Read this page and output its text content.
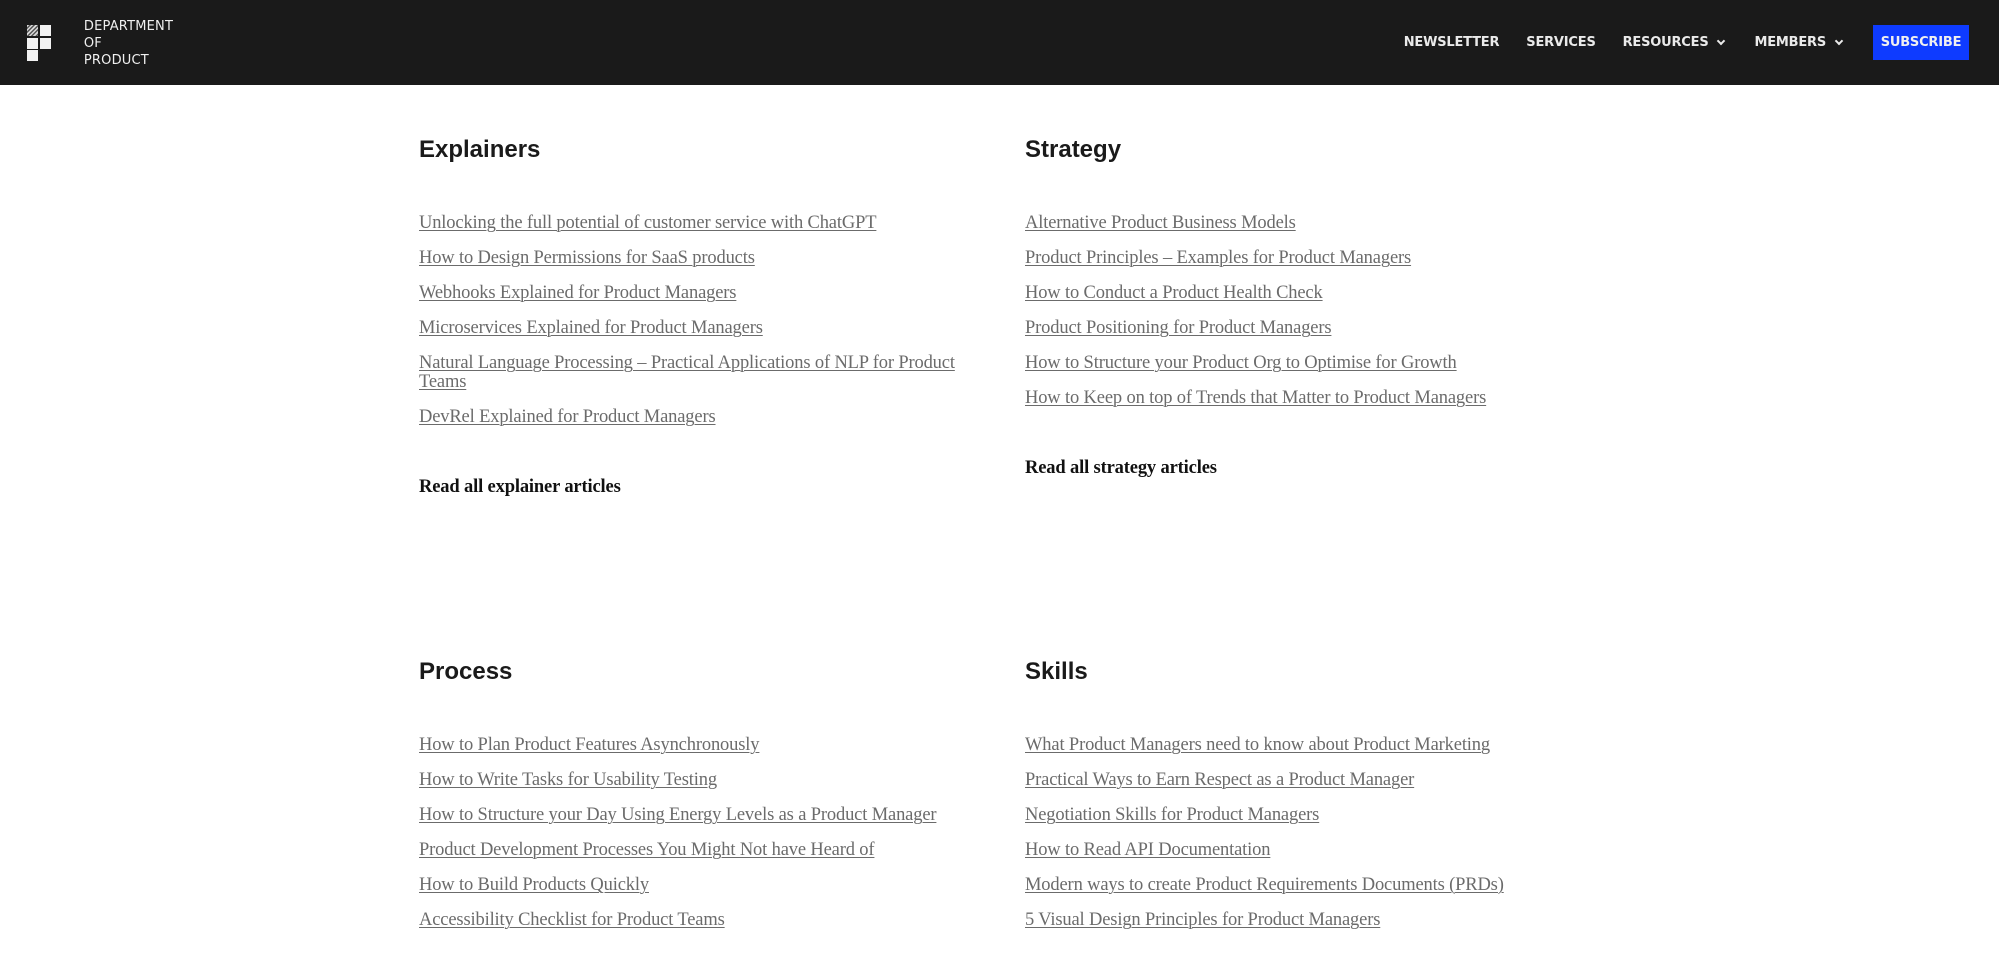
DEPARTMENT OF
PRODUCT
NEWSLETTER SERVICES RESOURCES	MEMBERS	SUBSCRIBE
Explainers
Unlocking the full potential of customer service with ChatGPT
How to Design Permissions for SaaS products
Webhooks Explained for Product Managers
Microservices Explained for Product Managers
Natural Language Processing – Practical Applications of NLP for Product Teams
DevRel Explained for Product Managers
Read all explainer articles
Strategy
Alternative Product Business Models
Product Principles – Examples for Product Managers
How to Conduct a Product Health Check
Product Positioning for Product Managers
How to Structure your Product Org to Optimise for Growth
How to Keep on top of Trends that Matter to Product Managers
Read all strategy articles
Process
How to Plan Product Features Asynchronously
How to Write Tasks for Usability Testing
How to Structure your Day Using Energy Levels as a Product Manager
Product Development Processes You Might Not have Heard of
How to Build Products Quickly
Accessibility Checklist for Product Teams
Skills
What Product Managers need to know about Product Marketing
Practical Ways to Earn Respect as a Product Manager
Negotiation Skills for Product Managers
How to Read API Documentation
Modern ways to create Product Requirements Documents (PRDs)
5 Visual Design Principles for Product Managers
